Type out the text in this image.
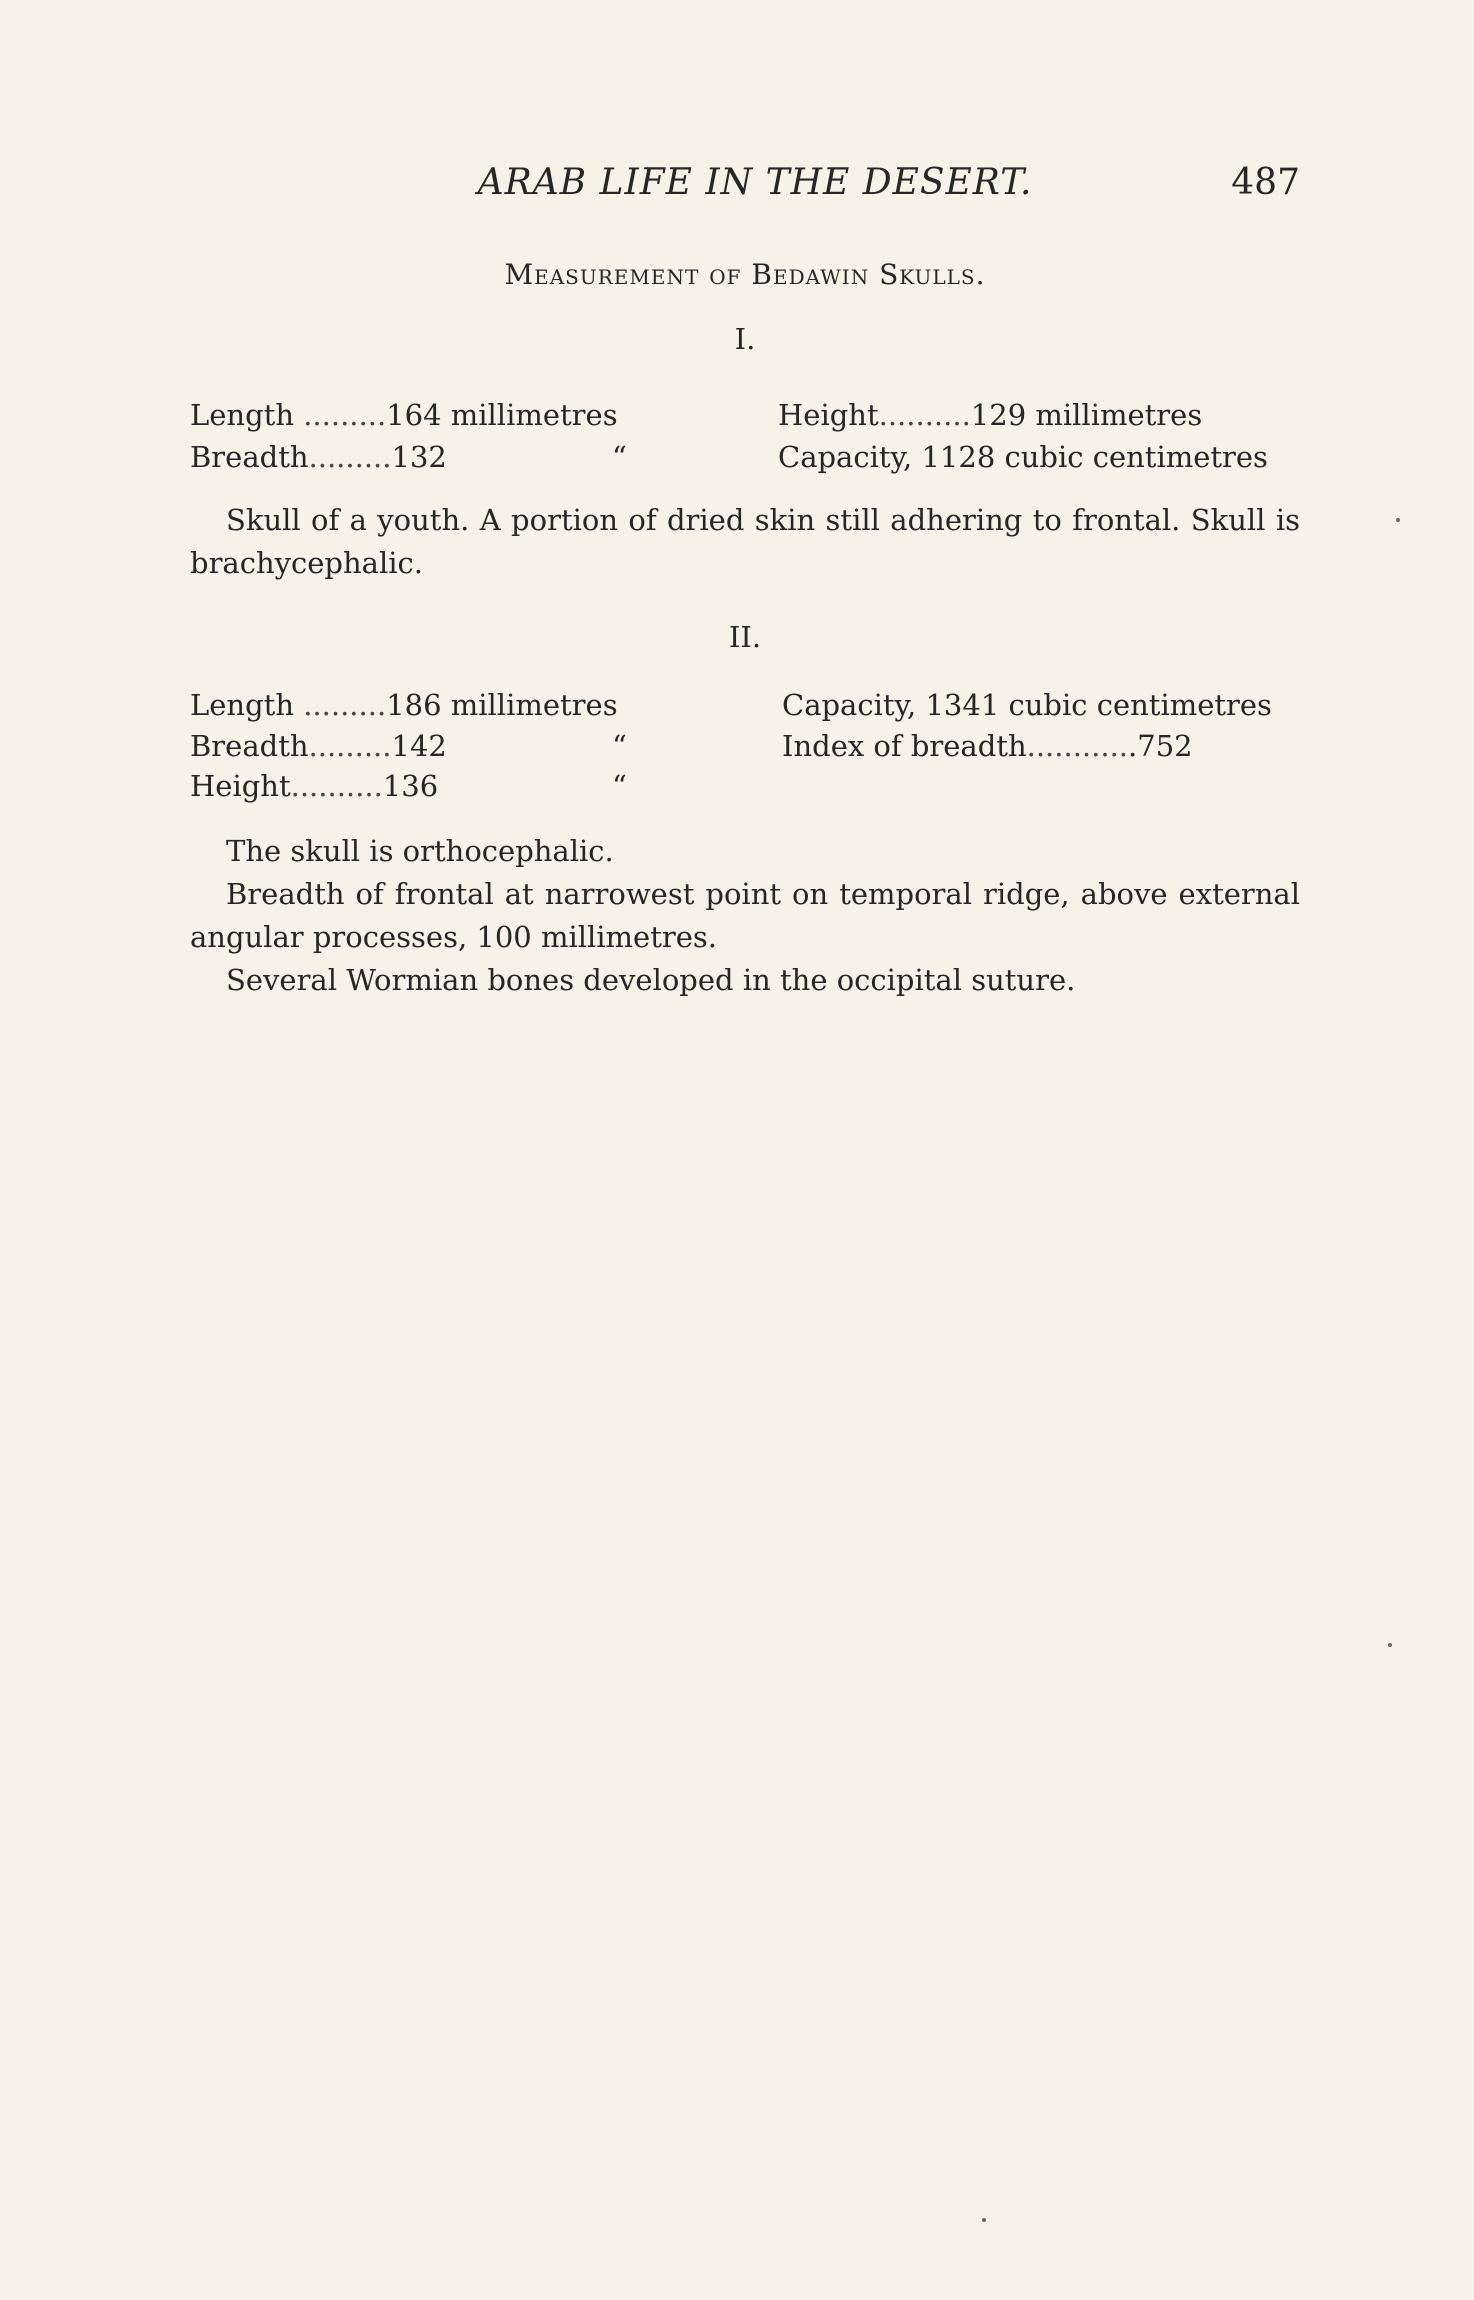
ARAB LIFE IN THE DESERT.	487
Measurement of Bedawin Skulls.
I.
Length .........164 millimetres	Height..........129 millimetres
Breadth.........132	“	Capacity, 1128 cubic centimetres

Skull of a youth. A portion of dried skin still adhering to frontal. Skull is brachycephalic.

II.
Length .........186 millimetres	Capacity, 1341 cubic centimetres
Breadth.........142	“	Index of breadth............752
Height..........136	“

The skull is orthocephalic.

Breadth of frontal at narrowest point on temporal ridge, above external angular processes, 100 millimetres.

Several Wormian bones developed in the occipital suture.
